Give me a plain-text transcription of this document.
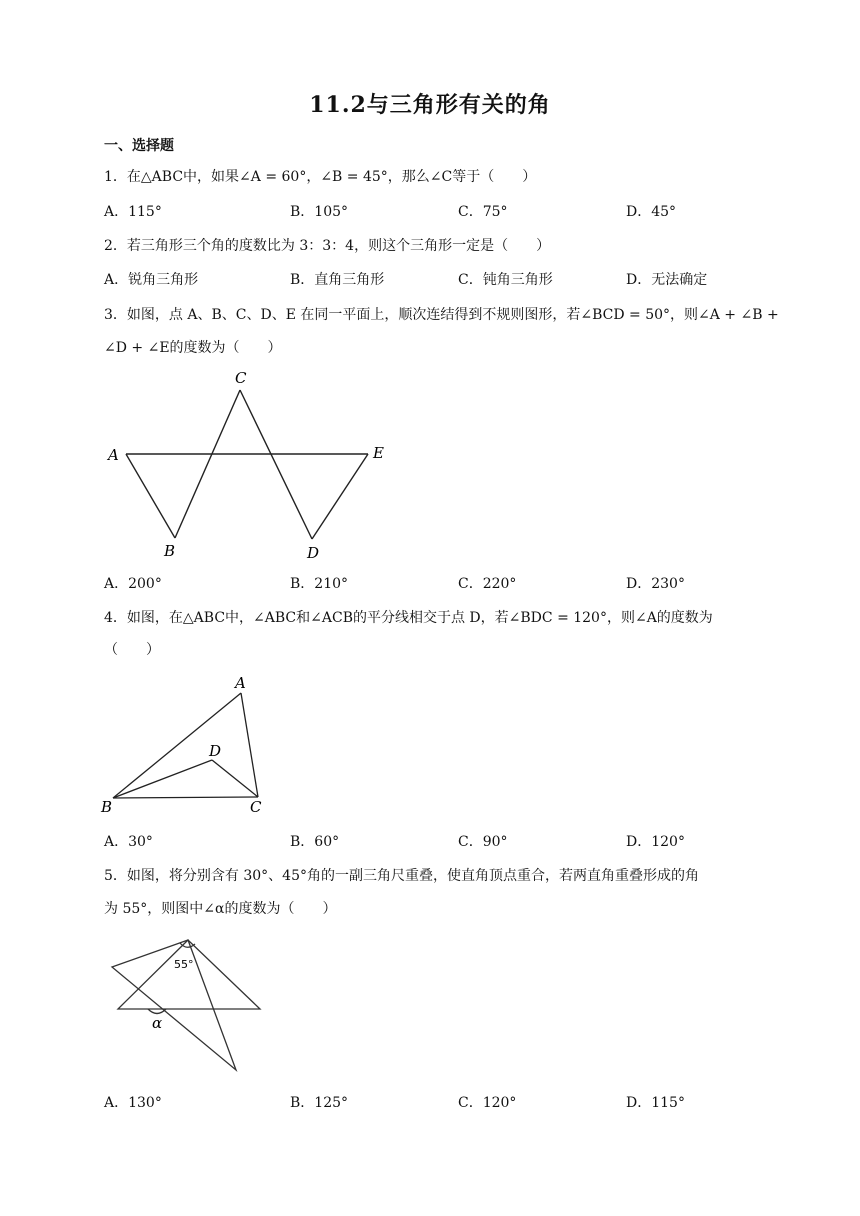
11.2与三角形有关的角
一、选择题
1．在△ABC中，如果∠A = 60°，∠B = 45°，那么∠C等于（　　）
A．115°	B．105°	C．75°	D．45°
2．若三角形三个角的度数比为 3：3：4，则这个三角形一定是（　　）
A．锐角三角形	B．直角三角形	C．钝角三角形	D．无法确定
3．如图，点 A、B、C、D、E 在同一平面上，顺次连结得到不规则图形，若∠BCD = 50°，则∠A + ∠B +
∠D + ∠E的度数为（　　）
A
B
C
D
E
A．200°	B．210°	C．220°	D．230°
4．如图，在△ABC中，∠ABC和∠ACB的平分线相交于点 D，若∠BDC = 120°，则∠A的度数为
（　　）
A
B	C
D
A．30°	B．60°	C．90°	D．120°
5．如图，将分别含有 30°、45°角的一副三角尺重叠，使直角顶点重合，若两直角重叠形成的角
为 55°，则图中∠α的度数为（　　）
55°
α
A．130°	B．125°	C．120°	D．115°
